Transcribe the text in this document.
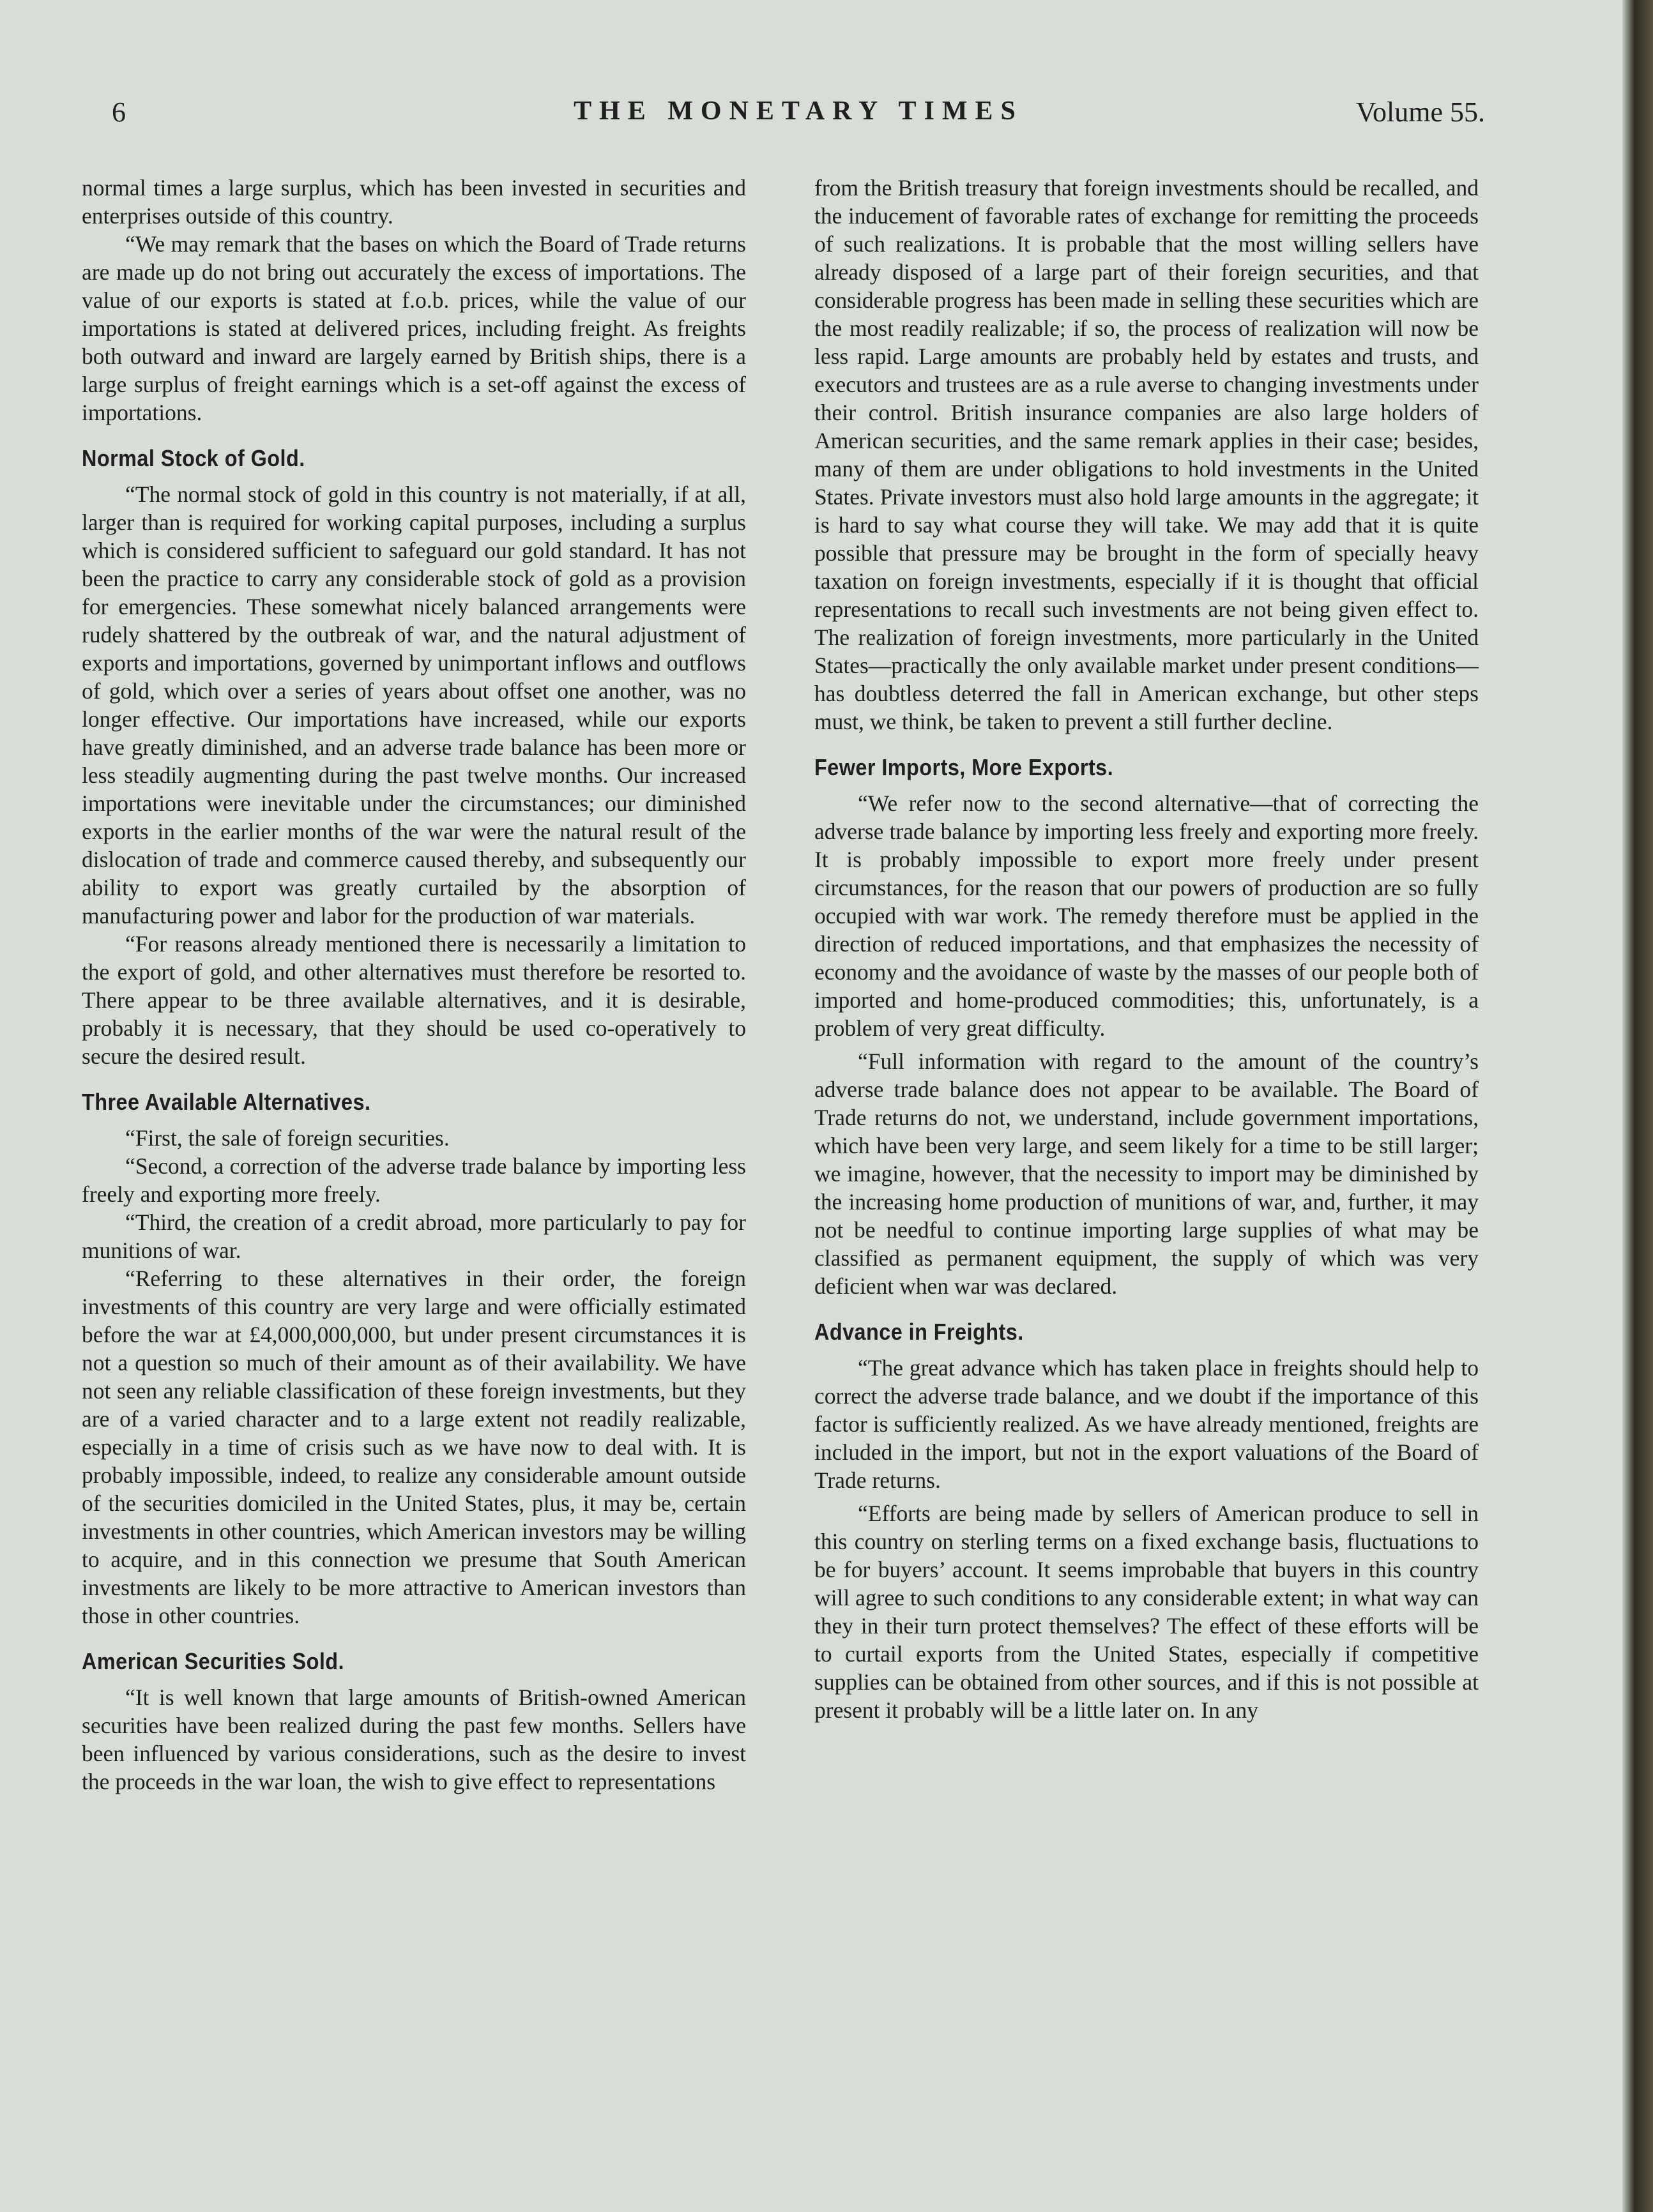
6	THE MONETARY TIMES	Volume 55.

normal times a large surplus, which has been invested in securities and enterprises outside of this country.

“We may remark that the bases on which the Board of Trade returns are made up do not bring out accurately the excess of importations. The value of our exports is stated at f.o.b. prices, while the value of our importations is stated at delivered prices, including freight. As freights both outward and inward are largely earned by British ships, there is a large surplus of freight earnings which is a set-off against the excess of importations.

Normal Stock of Gold.

“The normal stock of gold in this country is not materially, if at all, larger than is required for working capital purposes, including a surplus which is considered sufficient to safeguard our gold standard. It has not been the practice to carry any considerable stock of gold as a provision for emergencies. These somewhat nicely balanced arrangements were rudely shattered by the outbreak of war, and the natural adjustment of exports and importations, governed by unimportant inflows and outflows of gold, which over a series of years about offset one another, was no longer effective. Our importations have increased, while our exports have greatly diminished, and an adverse trade balance has been more or less steadily augmenting during the past twelve months. Our increased importations were inevitable under the circumstances; our diminished exports in the earlier months of the war were the natural result of the dislocation of trade and commerce caused thereby, and subsequently our ability to export was greatly curtailed by the absorption of manufacturing power and labor for the production of war materials.

“For reasons already mentioned there is necessarily a limitation to the export of gold, and other alternatives must therefore be resorted to. There appear to be three available alternatives, and it is desirable, probably it is necessary, that they should be used co-operatively to secure the desired result.

Three Available Alternatives.

“First, the sale of foreign securities.

“Second, a correction of the adverse trade balance by importing less freely and exporting more freely.

“Third, the creation of a credit abroad, more particularly to pay for munitions of war.

“Referring to these alternatives in their order, the foreign investments of this country are very large and were officially estimated before the war at £4,000,000,000, but under present circumstances it is not a question so much of their amount as of their availability. We have not seen any reliable classification of these foreign investments, but they are of a varied character and to a large extent not readily realizable, especially in a time of crisis such as we have now to deal with. It is probably impossible, indeed, to realize any considerable amount outside of the securities domiciled in the United States, plus, it may be, certain investments in other countries, which American investors may be willing to acquire, and in this connection we presume that South American investments are likely to be more attractive to American investors than those in other countries.

American Securities Sold.

“It is well known that large amounts of British-owned American securities have been realized during the past few months. Sellers have been influenced by various considerations, such as the desire to invest the proceeds in the war loan, the wish to give effect to representations

from the British treasury that foreign investments should be recalled, and the inducement of favorable rates of exchange for remitting the proceeds of such realizations. It is probable that the most willing sellers have already disposed of a large part of their foreign securities, and that considerable progress has been made in selling these securities which are the most readily realizable; if so, the process of realization will now be less rapid. Large amounts are probably held by estates and trusts, and executors and trustees are as a rule averse to changing investments under their control. British insurance companies are also large holders of American securities, and the same remark applies in their case; besides, many of them are under obligations to hold investments in the United States. Private investors must also hold large amounts in the aggregate; it is hard to say what course they will take. We may add that it is quite possible that pressure may be brought in the form of specially heavy taxation on foreign investments, especially if it is thought that official representations to recall such investments are not being given effect to. The realization of foreign investments, more particularly in the United States—practically the only available market under present conditions—has doubtless deterred the fall in American exchange, but other steps must, we think, be taken to prevent a still further decline.

Fewer Imports, More Exports.

“We refer now to the second alternative—that of correcting the adverse trade balance by importing less freely and exporting more freely. It is probably impossible to export more freely under present circumstances, for the reason that our powers of production are so fully occupied with war work. The remedy therefore must be applied in the direction of reduced importations, and that emphasizes the necessity of economy and the avoidance of waste by the masses of our people both of imported and home-produced commodities; this, unfortunately, is a problem of very great difficulty.

“Full information with regard to the amount of the country’s adverse trade balance does not appear to be available. The Board of Trade returns do not, we understand, include government importations, which have been very large, and seem likely for a time to be still larger; we imagine, however, that the necessity to import may be diminished by the increasing home production of munitions of war, and, further, it may not be needful to continue importing large supplies of what may be classified as permanent equipment, the supply of which was very deficient when war was declared.

Advance in Freights.

“The great advance which has taken place in freights should help to correct the adverse trade balance, and we doubt if the importance of this factor is sufficiently realized. As we have already mentioned, freights are included in the import, but not in the export valuations of the Board of Trade returns.

“Efforts are being made by sellers of American produce to sell in this country on sterling terms on a fixed exchange basis, fluctuations to be for buyers’ account. It seems improbable that buyers in this country will agree to such conditions to any considerable extent; in what way can they in their turn protect themselves? The effect of these efforts will be to curtail exports from the United States, especially if competitive supplies can be obtained from other sources, and if this is not possible at present it probably will be a little later on. In any
